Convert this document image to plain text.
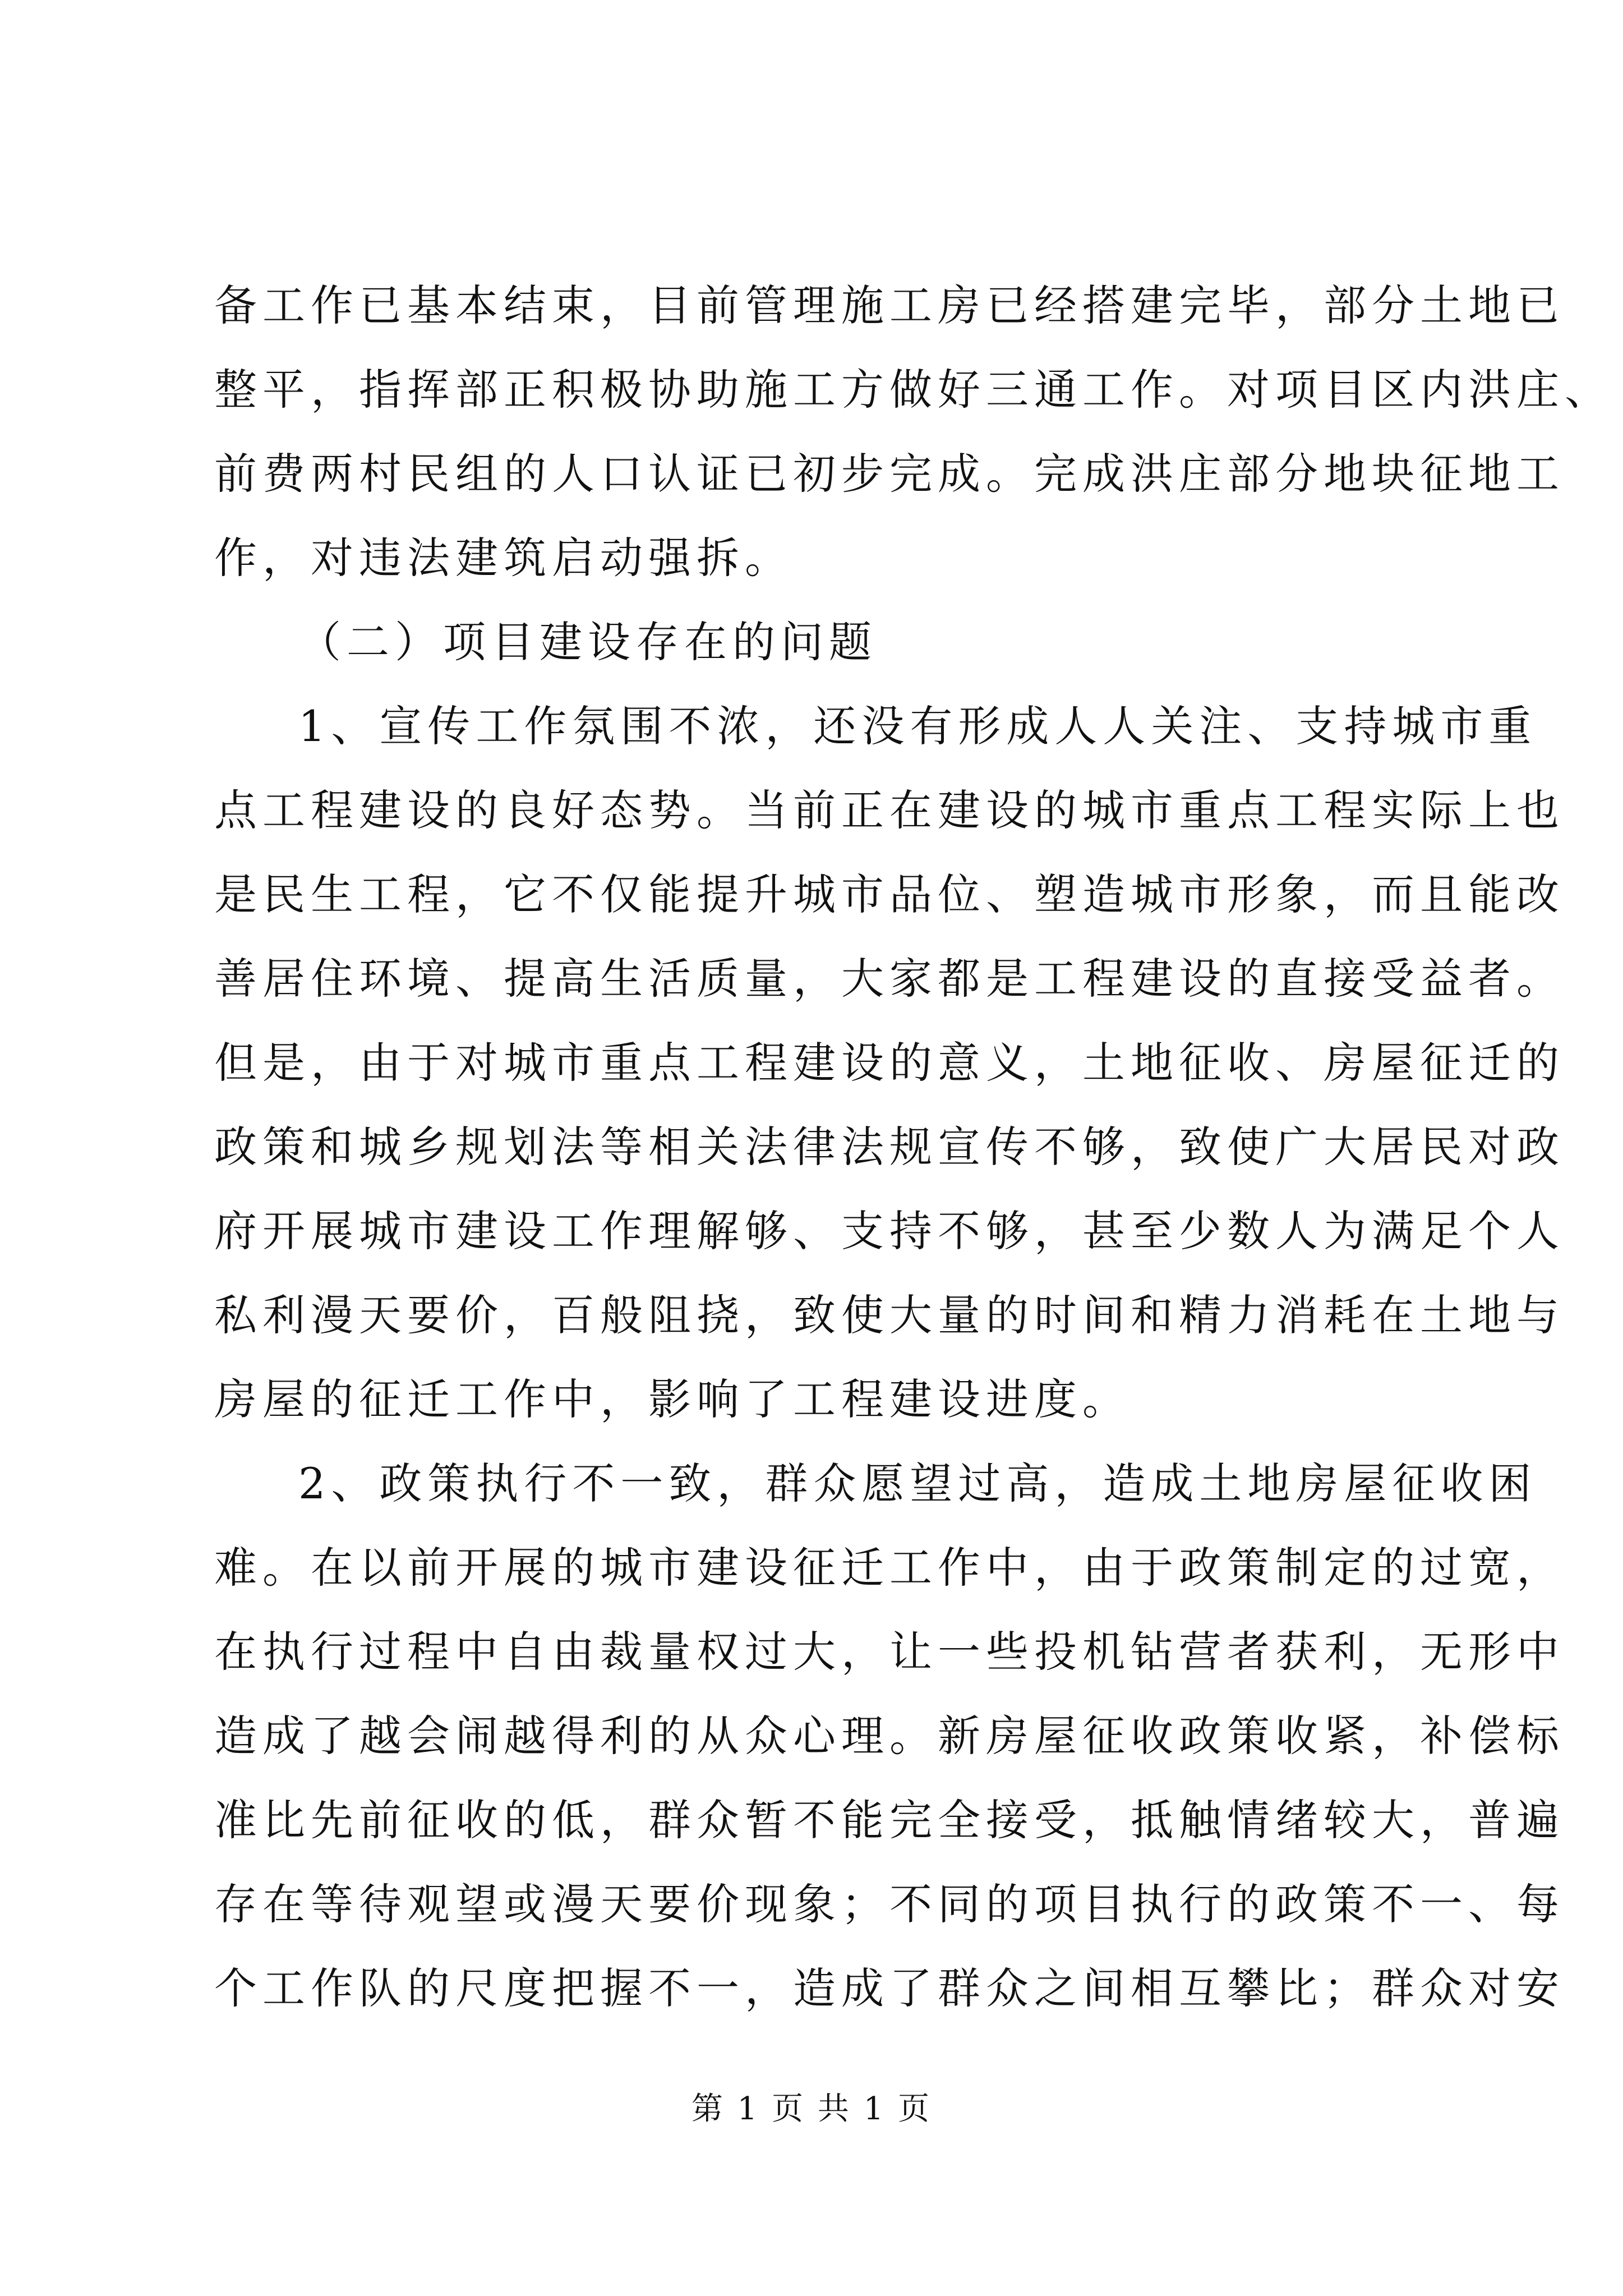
备工作已基本结束，目前管理施工房已经搭建完毕，部分土地已
整平，指挥部正积极协助施工方做好三通工作。对项目区内洪庄、
前费两村民组的人口认证已初步完成。完成洪庄部分地块征地工
作，对违法建筑启动强拆。
（二）项目建设存在的问题
1、宣传工作氛围不浓，还没有形成人人关注、支持城市重
点工程建设的良好态势。当前正在建设的城市重点工程实际上也
是民生工程，它不仅能提升城市品位、塑造城市形象，而且能改
善居住环境、提高生活质量，大家都是工程建设的直接受益者。
但是，由于对城市重点工程建设的意义，土地征收、房屋征迁的
政策和城乡规划法等相关法律法规宣传不够，致使广大居民对政
府开展城市建设工作理解够、支持不够，甚至少数人为满足个人
私利漫天要价，百般阻挠，致使大量的时间和精力消耗在土地与
房屋的征迁工作中，影响了工程建设进度。
2、政策执行不一致，群众愿望过高，造成土地房屋征收困
难。在以前开展的城市建设征迁工作中，由于政策制定的过宽，
在执行过程中自由裁量权过大，让一些投机钻营者获利，无形中
造成了越会闹越得利的从众心理。新房屋征收政策收紧，补偿标
准比先前征收的低，群众暂不能完全接受，抵触情绪较大，普遍
存在等待观望或漫天要价现象；不同的项目执行的政策不一、每
个工作队的尺度把握不一，造成了群众之间相互攀比；群众对安
第 1 页 共 1 页
